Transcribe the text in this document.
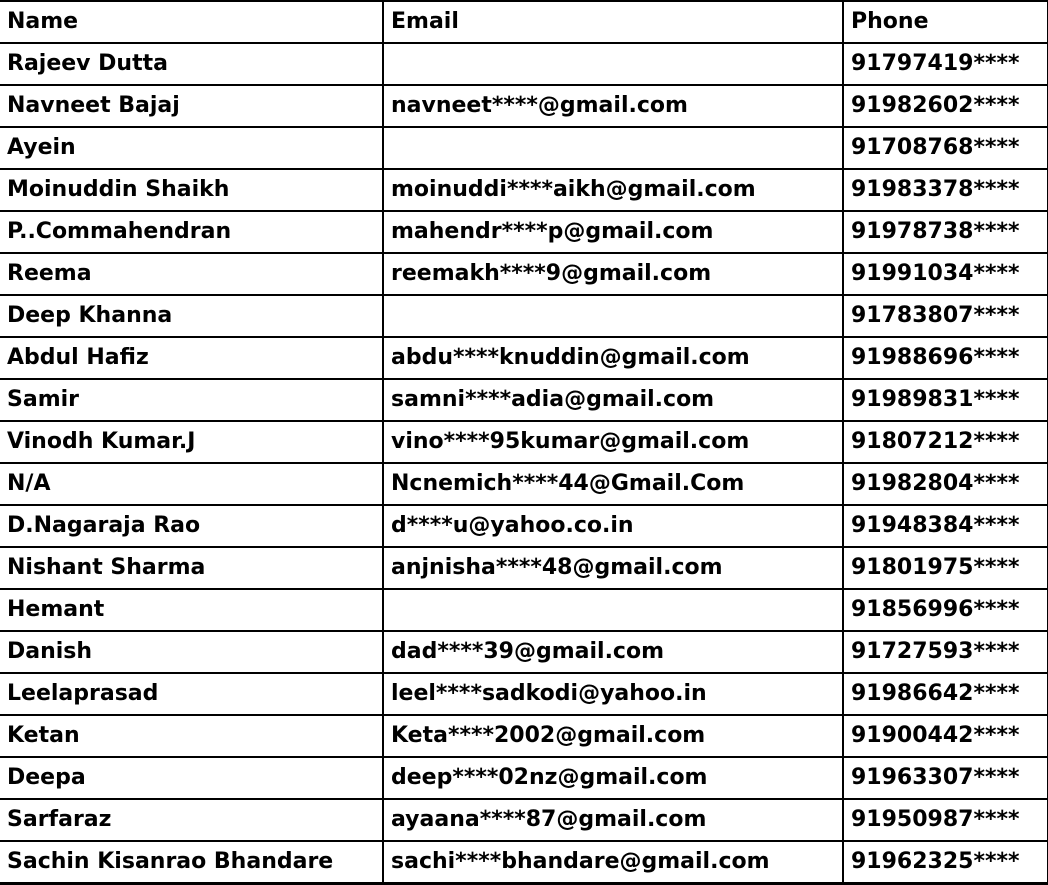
Name	Email	Phone
Rajeev Dutta		91797419****
Navneet Bajaj	navneet****@gmail.com	91982602****
Ayein		91708768****
Moinuddin Shaikh	moinuddi****aikh@gmail.com	91983378****
P..Commahendran	mahendr****p@gmail.com	91978738****
Reema	reemakh****9@gmail.com	91991034****
Deep Khanna		91783807****
Abdul Hafiz	abdu****knuddin@gmail.com	91988696****
Samir	samni****adia@gmail.com	91989831****
Vinodh Kumar.J	vino****95kumar@gmail.com	91807212****
N/A	Ncnemich****44@Gmail.Com	91982804****
D.Nagaraja Rao	d****u@yahoo.co.in	91948384****
Nishant Sharma	anjnisha****48@gmail.com	91801975****
Hemant		91856996****
Danish	dad****39@gmail.com	91727593****
Leelaprasad	leel****sadkodi@yahoo.in	91986642****
Ketan	Keta****2002@gmail.com	91900442****
Deepa	deep****02nz@gmail.com	91963307****
Sarfaraz	ayaana****87@gmail.com	91950987****
Sachin Kisanrao Bhandare	sachi****bhandare@gmail.com	91962325****
